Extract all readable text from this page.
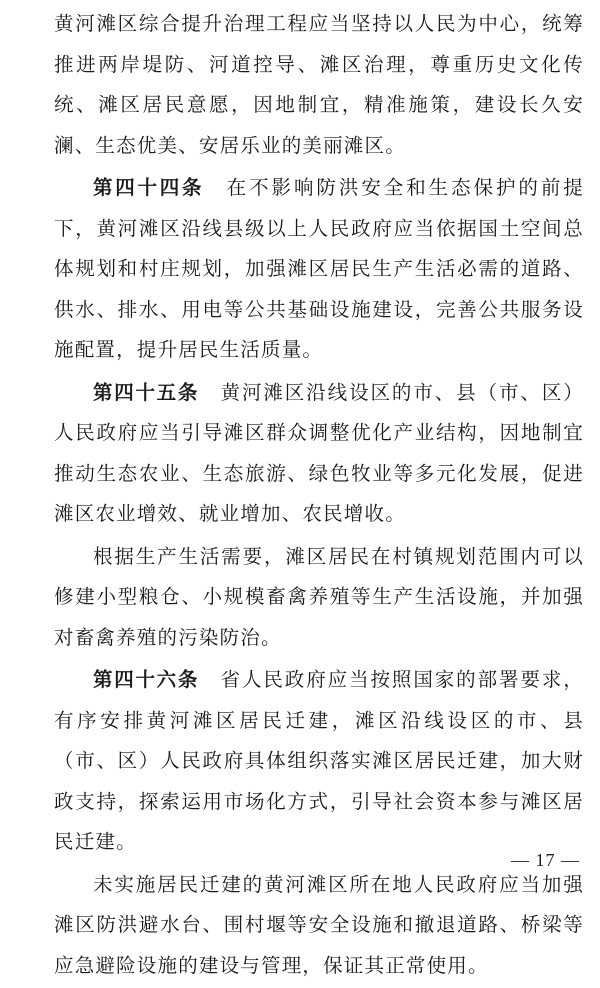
黄河滩区综合提升治理工程应当坚持以人民为中心，统筹推进两岸堤防、河道控导、滩区治理，尊重历史文化传统、滩区居民意愿，因地制宜，精准施策，建设长久安澜、生态优美、安居乐业的美丽滩区。

第四十四条  在不影响防洪安全和生态保护的前提下，黄河滩区沿线县级以上人民政府应当依据国土空间总体规划和村庄规划，加强滩区居民生产生活必需的道路、供水、排水、用电等公共基础设施建设，完善公共服务设施配置，提升居民生活质量。

第四十五条  黄河滩区沿线设区的市、县（市、区）人民政府应当引导滩区群众调整优化产业结构，因地制宜推动生态农业、生态旅游、绿色牧业等多元化发展，促进滩区农业增效、就业增加、农民增收。

根据生产生活需要，滩区居民在村镇规划范围内可以修建小型粮仓、小规模畜禽养殖等生产生活设施，并加强对畜禽养殖的污染防治。

第四十六条  省人民政府应当按照国家的部署要求，有序安排黄河滩区居民迁建，滩区沿线设区的市、县（市、区）人民政府具体组织落实滩区居民迁建，加大财政支持，探索运用市场化方式，引导社会资本参与滩区居民迁建。

未实施居民迁建的黄河滩区所在地人民政府应当加强滩区防洪避水台、围村堰等安全设施和撤退道路、桥梁等应急避险设施的建设与管理，保证其正常使用。

— 17 —
